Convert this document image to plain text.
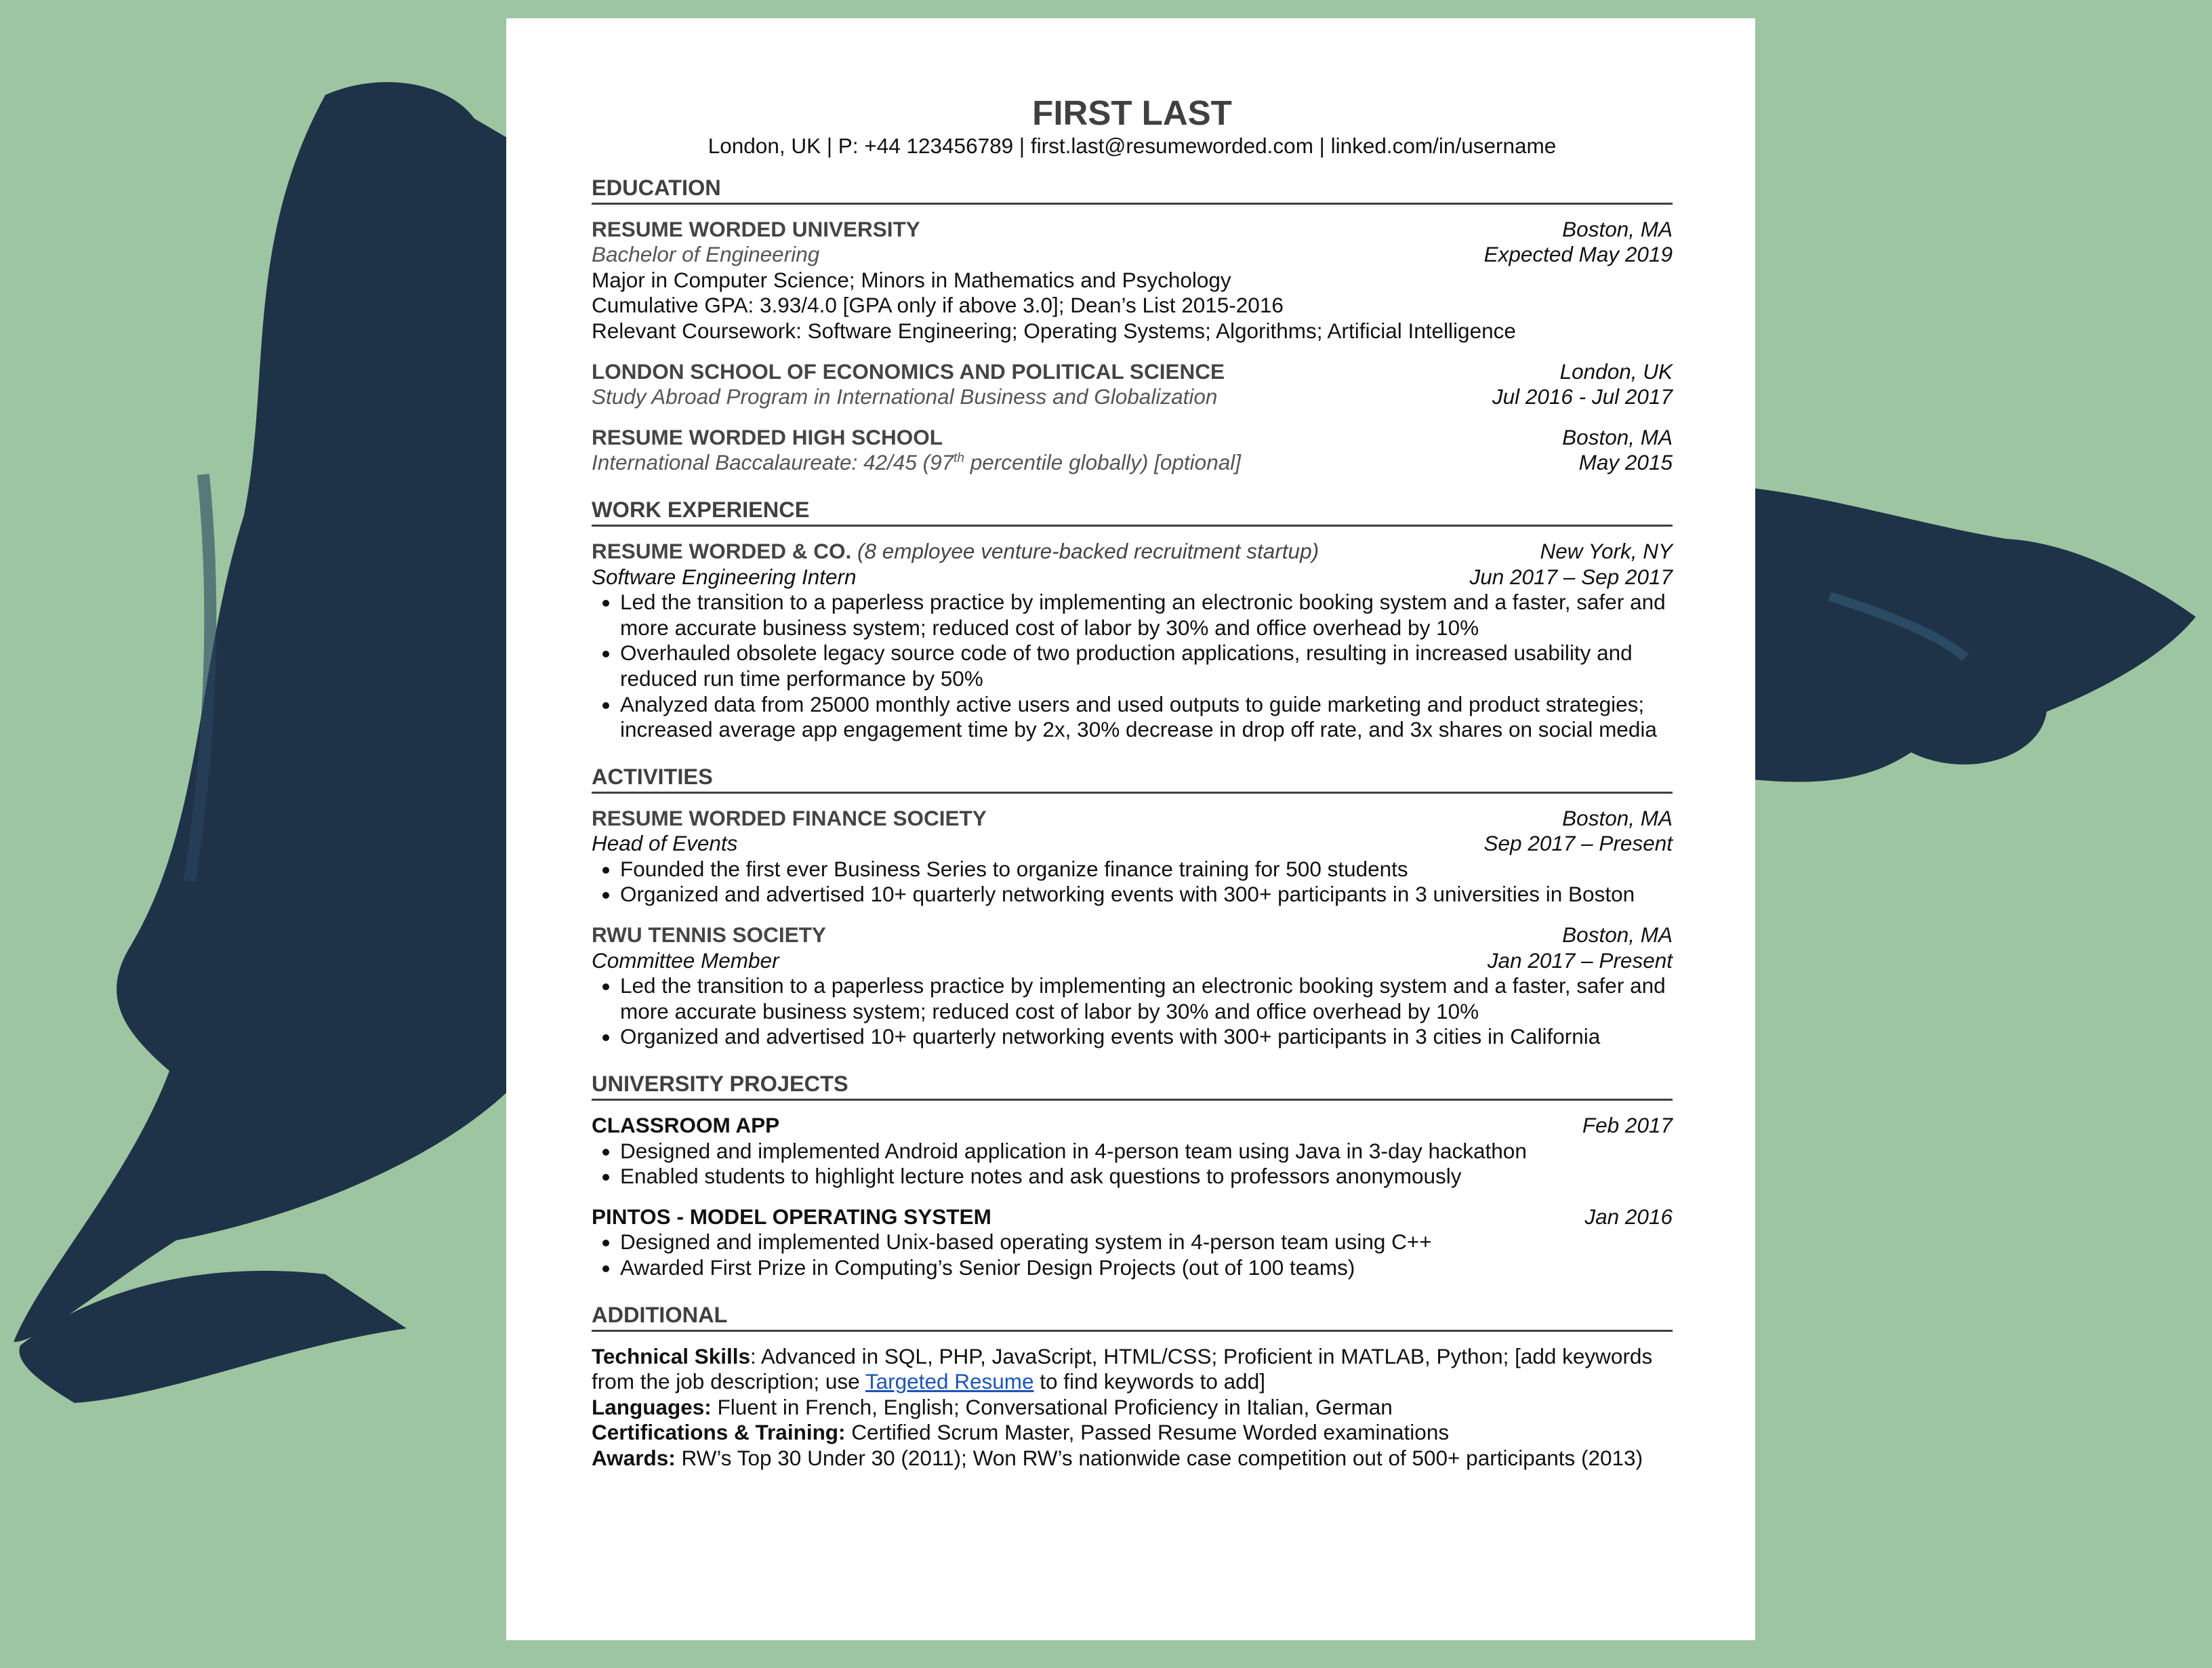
FIRST LAST
London, UK | P: +44 123456789 | first.last@resumeworded.com | linked.com/in/username
EDUCATION
RESUME WORDED UNIVERSITY	Boston, MA
Bachelor of Engineering	Expected May 2019
Major in Computer Science; Minors in Mathematics and Psychology
Cumulative GPA: 3.93/4.0 [GPA only if above 3.0]; Dean’s List 2015-2016
Relevant Coursework: Software Engineering; Operating Systems; Algorithms; Artificial Intelligence
LONDON SCHOOL OF ECONOMICS AND POLITICAL SCIENCE	London, UK
Study Abroad Program in International Business and Globalization	Jul 2016 - Jul 2017
RESUME WORDED HIGH SCHOOL	Boston, MA
International Baccalaureate: 42/45 (97th percentile globally) [optional]	May 2015
WORK EXPERIENCE
RESUME WORDED & CO. (8 employee venture-backed recruitment startup)	New York, NY
Software Engineering Intern	Jun 2017 – Sep 2017
• Led the transition to a paperless practice by implementing an electronic booking system and a faster, safer and more accurate business system; reduced cost of labor by 30% and office overhead by 10%
• Overhauled obsolete legacy source code of two production applications, resulting in increased usability and reduced run time performance by 50%
• Analyzed data from 25000 monthly active users and used outputs to guide marketing and product strategies; increased average app engagement time by 2x, 30% decrease in drop off rate, and 3x shares on social media
ACTIVITIES
RESUME WORDED FINANCE SOCIETY	Boston, MA
Head of Events	Sep 2017 – Present
• Founded the first ever Business Series to organize finance training for 500 students
• Organized and advertised 10+ quarterly networking events with 300+ participants in 3 universities in Boston
RWU TENNIS SOCIETY	Boston, MA
Committee Member	Jan 2017 – Present
• Led the transition to a paperless practice by implementing an electronic booking system and a faster, safer and more accurate business system; reduced cost of labor by 30% and office overhead by 10%
• Organized and advertised 10+ quarterly networking events with 300+ participants in 3 cities in California
UNIVERSITY PROJECTS
CLASSROOM APP	Feb 2017
• Designed and implemented Android application in 4-person team using Java in 3-day hackathon
• Enabled students to highlight lecture notes and ask questions to professors anonymously
PINTOS - MODEL OPERATING SYSTEM	Jan 2016
• Designed and implemented Unix-based operating system in 4-person team using C++
• Awarded First Prize in Computing’s Senior Design Projects (out of 100 teams)
ADDITIONAL
Technical Skills: Advanced in SQL, PHP, JavaScript, HTML/CSS; Proficient in MATLAB, Python; [add keywords from the job description; use Targeted Resume to find keywords to add]
Languages: Fluent in French, English; Conversational Proficiency in Italian, German
Certifications & Training: Certified Scrum Master, Passed Resume Worded examinations
Awards: RW’s Top 30 Under 30 (2011); Won RW’s nationwide case competition out of 500+ participants (2013)
